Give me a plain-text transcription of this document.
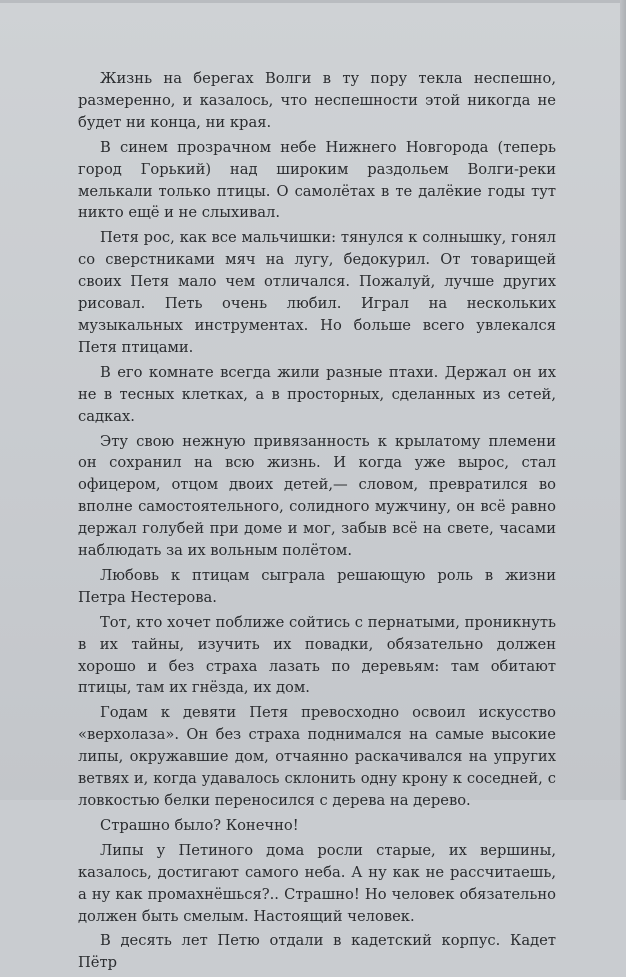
Жизнь на берегах Волги в ту пору текла неспешно, размеренно, и казалось, что неспешности этой никогда не будет ни конца, ни края.

В синем прозрачном небе Нижнего Новгорода (теперь город Горький) над широким раздольем Волги-реки мелькали только птицы. О самолётах в те далёкие годы тут никто ещё и не слыхивал.

Петя рос, как все мальчишки: тянулся к солнышку, гонял со сверстниками мяч на лугу, бедокурил. От товарищей своих Петя мало чем отличался. Пожалуй, лучше других рисовал. Петь очень любил. Играл на нескольких музыкальных инструментах. Но больше всего увлекался Петя птицами.

В его комнате всегда жили разные птахи. Держал он их не в тесных клетках, а в просторных, сделанных из сетей, садках.

Эту свою нежную привязанность к крылатому племени он сохранил на всю жизнь. И когда уже вырос, стал офицером, отцом двоих детей,— словом, превратился во вполне самостоятельного, солидного мужчину, он всё равно держал голубей при доме и мог, забыв всё на свете, часами наблюдать за их вольным полётом.

Любовь к птицам сыграла решающую роль в жизни Петра Нестерова.

Тот, кто хочет поближе сойтись с пернатыми, проникнуть в их тайны, изучить их повадки, обязательно должен хорошо и без страха лазать по деревьям: там обитают птицы, там их гнёзда, их дом.

Годам к девяти Петя превосходно освоил искусство «верхолаза». Он без страха поднимался на самые высокие липы, окружавшие дом, отчаянно раскачивался на упругих ветвях и, когда удавалось склонить одну крону к соседней, с ловкостью белки переносился с дерева на дерево.

Страшно было? Конечно!

Липы у Петиного дома росли старые, их вершины, казалось, достигают самого неба. А ну как не рассчитаешь, а ну как промахнёшься?.. Страшно! Но человек обязательно должен быть смелым. Настоящий человек.

В десять лет Петю отдали в кадетский корпус. Кадет Пётр
